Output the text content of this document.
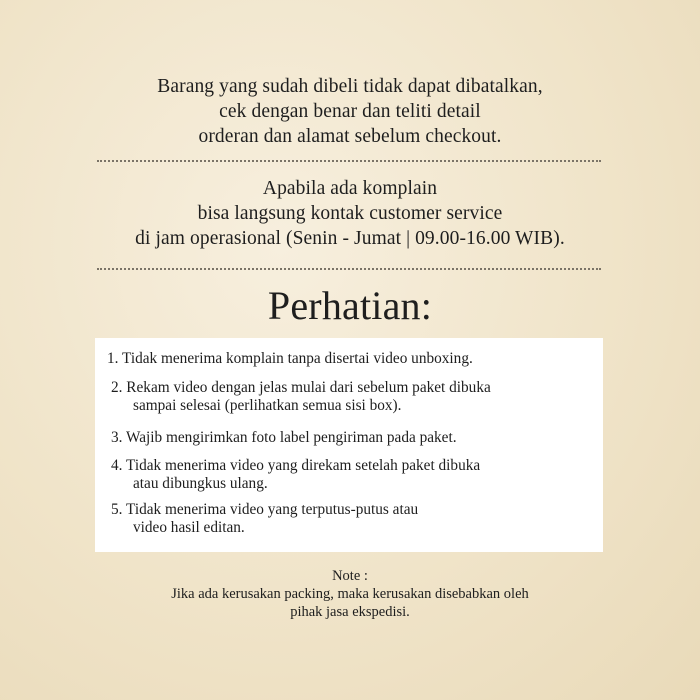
Barang yang sudah dibeli tidak dapat dibatalkan,
cek dengan benar dan teliti detail
orderan dan alamat sebelum checkout.
Apabila ada komplain
bisa langsung kontak customer service
di jam operasional (Senin - Jumat | 09.00-16.00 WIB).
Perhatian:
1. Tidak menerima komplain tanpa disertai video unboxing.
2. Rekam video dengan jelas mulai dari sebelum paket dibuka
sampai selesai (perlihatkan semua sisi box).
3. Wajib mengirimkan foto label pengiriman pada paket.
4. Tidak menerima video yang direkam setelah paket dibuka
atau dibungkus ulang.
5. Tidak menerima video yang terputus-putus atau
video hasil editan.
Note :
Jika ada kerusakan packing, maka kerusakan disebabkan oleh
pihak jasa ekspedisi.
